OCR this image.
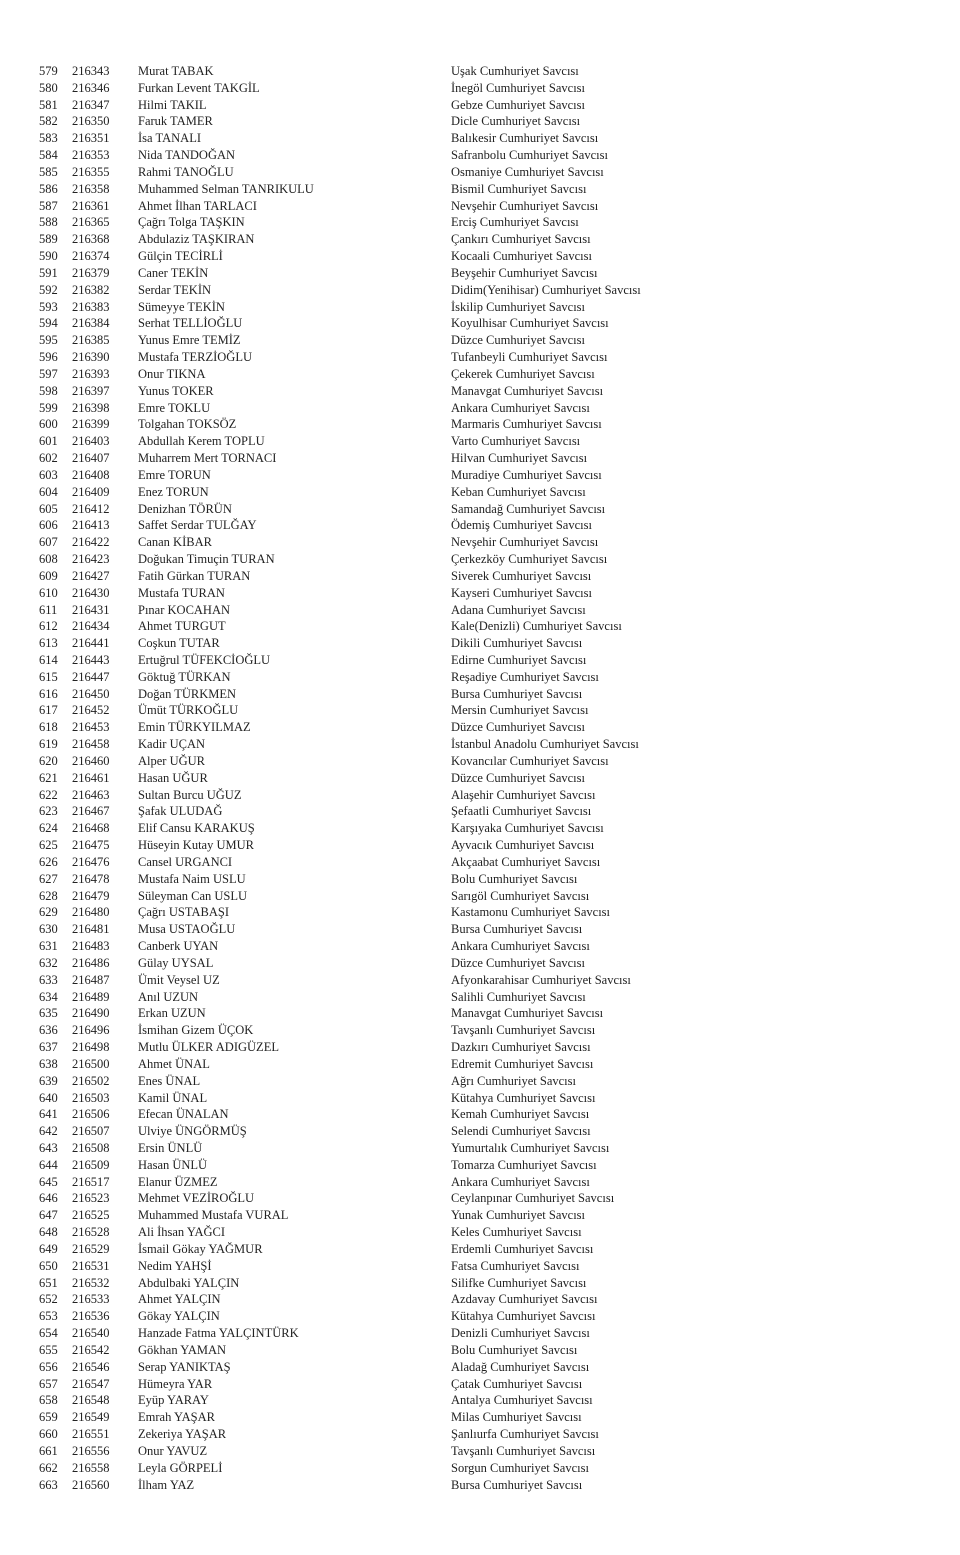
579 216343 Murat TABAK	Uşak Cumhuriyet Savcısı
580 216346 Furkan Levent TAKGİL	İnegöl Cumhuriyet Savcısı
581 216347 Hilmi TAKIL	Gebze Cumhuriyet Savcısı
582 216350 Faruk TAMER	Dicle Cumhuriyet Savcısı
583 216351 İsa TANALI	Balıkesir Cumhuriyet Savcısı
584 216353 Nida TANDOĞAN	Safranbolu Cumhuriyet Savcısı
585 216355 Rahmi TANOĞLU	Osmaniye Cumhuriyet Savcısı
586 216358 Muhammed Selman TANRIKULU	Bismil Cumhuriyet Savcısı
587 216361 Ahmet İlhan TARLACI	Nevşehir Cumhuriyet Savcısı
588 216365 Çağrı Tolga TAŞKIN	Erciş Cumhuriyet Savcısı
589 216368 Abdulaziz TAŞKIRAN	Çankırı Cumhuriyet Savcısı
590 216374 Gülçin TECİRLİ	Kocaali Cumhuriyet Savcısı
591 216379 Caner TEKİN	Beyşehir Cumhuriyet Savcısı
592 216382 Serdar TEKİN	Didim(Yenihisar) Cumhuriyet Savcısı
593 216383 Sümeyye TEKİN	İskilip Cumhuriyet Savcısı
594 216384 Serhat TELLİOĞLU	Koyulhisar Cumhuriyet Savcısı
595 216385 Yunus Emre TEMİZ	Düzce Cumhuriyet Savcısı
596 216390 Mustafa TERZİOĞLU	Tufanbeyli Cumhuriyet Savcısı
597 216393 Onur TIKNA	Çekerek Cumhuriyet Savcısı
598 216397 Yunus TOKER	Manavgat Cumhuriyet Savcısı
599 216398 Emre TOKLU	Ankara Cumhuriyet Savcısı
600 216399 Tolgahan TOKSÖZ	Marmaris Cumhuriyet Savcısı
601 216403 Abdullah Kerem TOPLU	Varto Cumhuriyet Savcısı
602 216407 Muharrem Mert TORNACI	Hilvan Cumhuriyet Savcısı
603 216408 Emre TORUN	Muradiye Cumhuriyet Savcısı
604 216409 Enez TORUN	Keban Cumhuriyet Savcısı
605 216412 Denizhan TÖRÜN	Samandağ Cumhuriyet Savcısı
606 216413 Saffet Serdar TULĞAY	Ödemiş Cumhuriyet Savcısı
607 216422 Canan KİBAR	Nevşehir Cumhuriyet Savcısı
608 216423 Doğukan Timuçin TURAN	Çerkezköy Cumhuriyet Savcısı
609 216427 Fatih Gürkan TURAN	Siverek Cumhuriyet Savcısı
610 216430 Mustafa TURAN	Kayseri Cumhuriyet Savcısı
611 216431 Pınar KOCAHAN	Adana Cumhuriyet Savcısı
612 216434 Ahmet TURGUT	Kale(Denizli) Cumhuriyet Savcısı
613 216441 Coşkun TUTAR	Dikili Cumhuriyet Savcısı
614 216443 Ertuğrul TÜFEKCİOĞLU	Edirne Cumhuriyet Savcısı
615 216447 Göktuğ TÜRKAN	Reşadiye Cumhuriyet Savcısı
616 216450 Doğan TÜRKMEN	Bursa Cumhuriyet Savcısı
617 216452 Ümüt TÜRKOĞLU	Mersin Cumhuriyet Savcısı
618 216453 Emin TÜRKYILMAZ	Düzce Cumhuriyet Savcısı
619 216458 Kadir UÇAN	İstanbul Anadolu Cumhuriyet Savcısı
620 216460 Alper UĞUR	Kovancılar Cumhuriyet Savcısı
621 216461 Hasan UĞUR	Düzce Cumhuriyet Savcısı
622 216463 Sultan Burcu UĞUZ	Alaşehir Cumhuriyet Savcısı
623 216467 Şafak ULUDAĞ	Şefaatli Cumhuriyet Savcısı
624 216468 Elif Cansu KARAKUŞ	Karşıyaka Cumhuriyet Savcısı
625 216475 Hüseyin Kutay UMUR	Ayvacık Cumhuriyet Savcısı
626 216476 Cansel URGANCI	Akçaabat Cumhuriyet Savcısı
627 216478 Mustafa Naim USLU	Bolu Cumhuriyet Savcısı
628 216479 Süleyman Can USLU	Sarıgöl Cumhuriyet Savcısı
629 216480 Çağrı USTABAŞI	Kastamonu Cumhuriyet Savcısı
630 216481 Musa USTAOĞLU	Bursa Cumhuriyet Savcısı
631 216483 Canberk UYAN	Ankara Cumhuriyet Savcısı
632 216486 Gülay UYSAL	Düzce Cumhuriyet Savcısı
633 216487 Ümit Veysel UZ	Afyonkarahisar Cumhuriyet Savcısı
634 216489 Anıl UZUN	Salihli Cumhuriyet Savcısı
635 216490 Erkan UZUN	Manavgat Cumhuriyet Savcısı
636 216496 İsmihan Gizem ÜÇOK	Tavşanlı Cumhuriyet Savcısı
637 216498 Mutlu ÜLKER ADIGÜZEL	Dazkırı Cumhuriyet Savcısı
638 216500 Ahmet ÜNAL	Edremit Cumhuriyet Savcısı
639 216502 Enes ÜNAL	Ağrı Cumhuriyet Savcısı
640 216503 Kamil ÜNAL	Kütahya Cumhuriyet Savcısı
641 216506 Efecan ÜNALAN	Kemah Cumhuriyet Savcısı
642 216507 Ulviye ÜNGÖRMÜŞ	Selendi Cumhuriyet Savcısı
643 216508 Ersin ÜNLÜ	Yumurtalık Cumhuriyet Savcısı
644 216509 Hasan ÜNLÜ	Tomarza Cumhuriyet Savcısı
645 216517 Elanur ÜZMEZ	Ankara Cumhuriyet Savcısı
646 216523 Mehmet VEZİROĞLU	Ceylanpınar Cumhuriyet Savcısı
647 216525 Muhammed Mustafa VURAL	Yunak Cumhuriyet Savcısı
648 216528 Ali İhsan YAĞCI	Keles Cumhuriyet Savcısı
649 216529 İsmail Gökay YAĞMUR	Erdemli Cumhuriyet Savcısı
650 216531 Nedim YAHŞİ	Fatsa Cumhuriyet Savcısı
651 216532 Abdulbaki YALÇIN	Silifke Cumhuriyet Savcısı
652 216533 Ahmet YALÇIN	Azdavay Cumhuriyet Savcısı
653 216536 Gökay YALÇIN	Kütahya Cumhuriyet Savcısı
654 216540 Hanzade Fatma YALÇINTÜRK	Denizli Cumhuriyet Savcısı
655 216542 Gökhan YAMAN	Bolu Cumhuriyet Savcısı
656 216546 Serap YANIKTAŞ	Aladağ Cumhuriyet Savcısı
657 216547 Hümeyra YAR	Çatak Cumhuriyet Savcısı
658 216548 Eyüp YARAY	Antalya Cumhuriyet Savcısı
659 216549 Emrah YAŞAR	Milas Cumhuriyet Savcısı
660 216551 Zekeriya YAŞAR	Şanlıurfa Cumhuriyet Savcısı
661 216556 Onur YAVUZ	Tavşanlı Cumhuriyet Savcısı
662 216558 Leyla GÖRPELİ	Sorgun Cumhuriyet Savcısı
663 216560 İlham YAZ	Bursa Cumhuriyet Savcısı
